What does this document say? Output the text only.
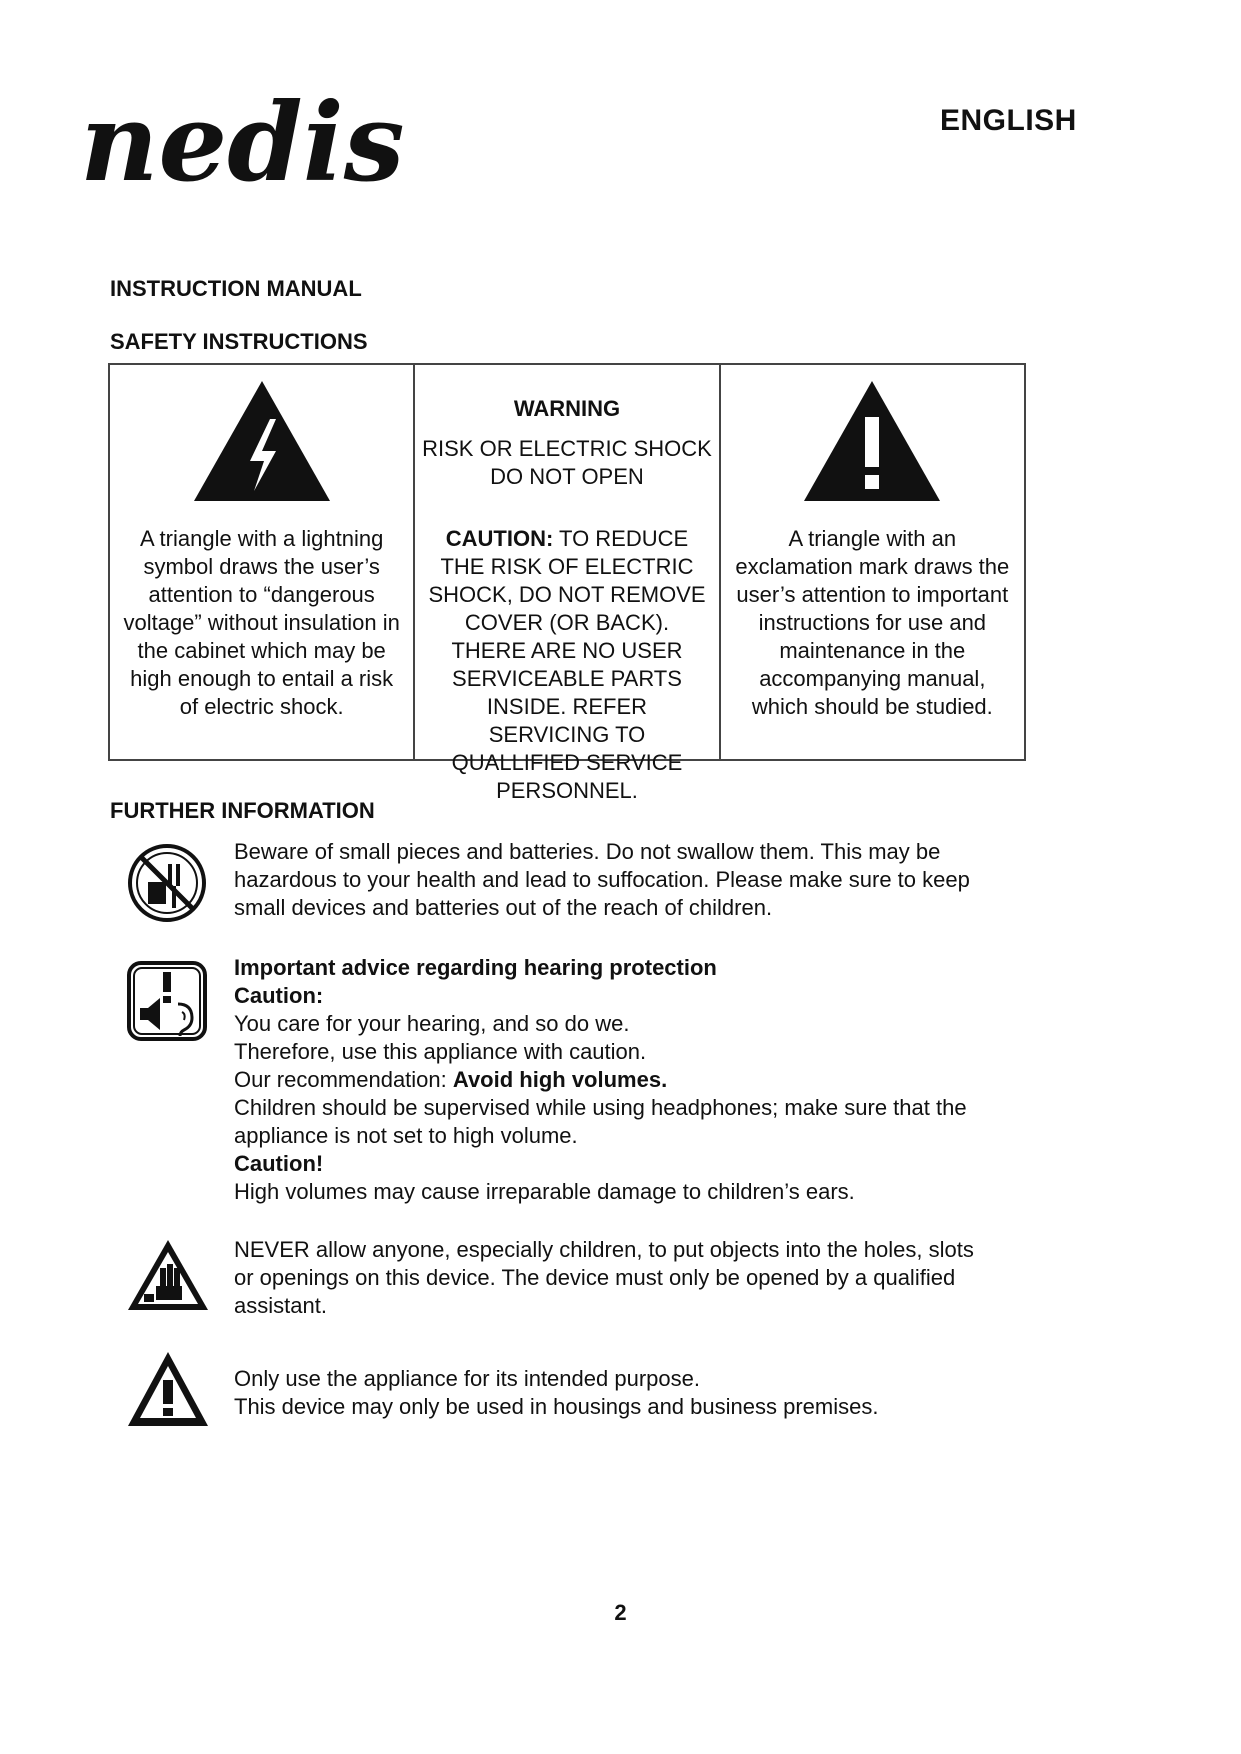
nedis	ENGLISH
INSTRUCTION MANUAL
SAFETY INSTRUCTIONS
A triangle with a lightning symbol draws the user’s attention to “dangerous voltage” without insulation in the cabinet which may be high enough to entail a risk of electric shock.
WARNING
RISK OR ELECTRIC SHOCK
DO NOT OPEN
CAUTION: TO REDUCE THE RISK OF ELECTRIC SHOCK, DO NOT REMOVE COVER (OR BACK). THERE ARE NO USER SERVICEABLE PARTS INSIDE. REFER SERVICING TO QUALLIFIED SERVICE PERSONNEL.
A triangle with an exclamation mark draws the user’s attention to important instructions for use and maintenance in the accompanying manual, which should be studied.
FURTHER INFORMATION
Beware of small pieces and batteries. Do not swallow them. This may be hazardous to your health and lead to suffocation. Please make sure to keep small devices and batteries out of the reach of children.
Important advice regarding hearing protection
Caution:
You care for your hearing, and so do we.
Therefore, use this appliance with caution.
Our recommendation: Avoid high volumes.
Children should be supervised while using headphones; make sure that the appliance is not set to high volume.
Caution!
High volumes may cause irreparable damage to children’s ears.
NEVER allow anyone, especially children, to put objects into the holes, slots or openings on this device. The device must only be opened by a qualified assistant.
Only use the appliance for its intended purpose.
This device may only be used in housings and business premises.
2
